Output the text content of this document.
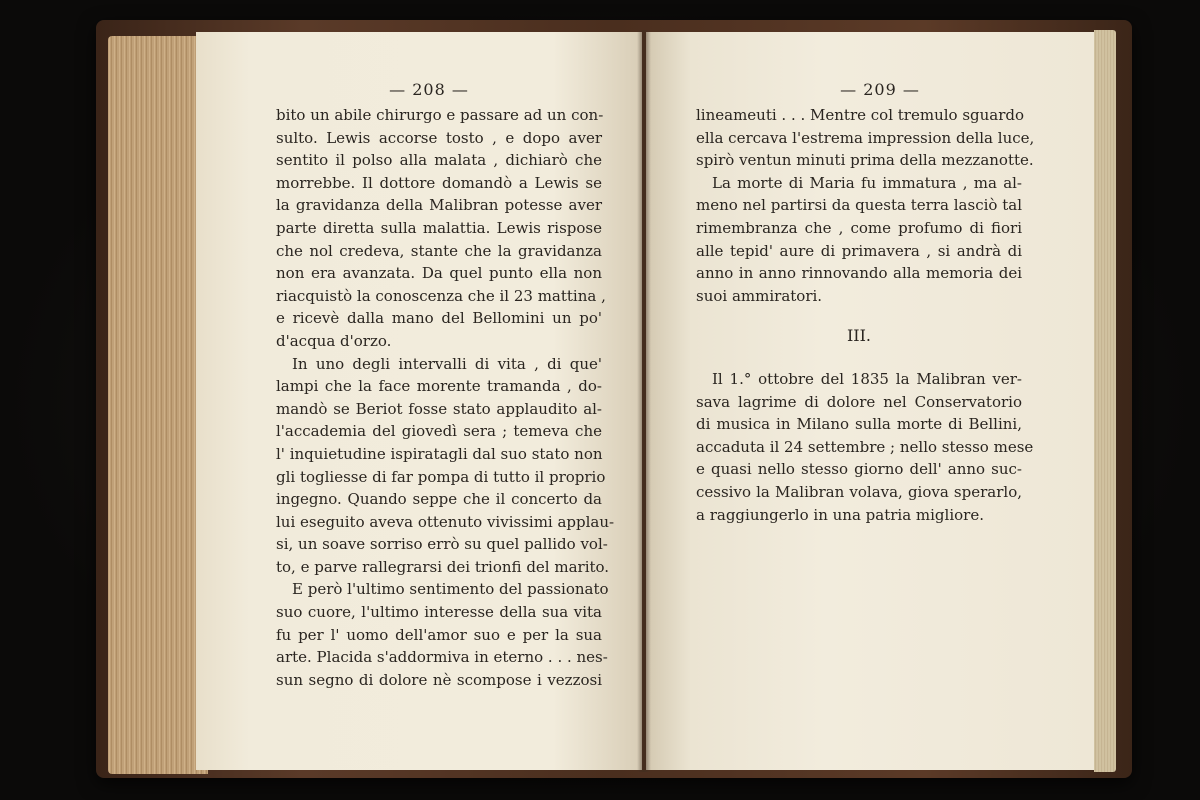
— 208 —
bito un abile chirurgo e passare ad un con-
sulto. Lewis accorse tosto , e dopo aver
sentito il polso alla malata , dichiarò che
morrebbe. Il dottore domandò a Lewis se
la gravidanza della Malibran potesse aver
parte diretta sulla malattia. Lewis rispose
che nol credeva, stante che la gravidanza
non era avanzata. Da quel punto ella non
riacquistò la conoscenza che il 23 mattina ,
e ricevè dalla mano del Bellomini un po'
d'acqua d'orzo.
In uno degli intervalli di vita , di que'
lampi che la face morente tramanda , do-
mandò se Beriot fosse stato applaudito al-
l'accademia del giovedì sera ; temeva che
l' inquietudine ispiratagli dal suo stato non
gli togliesse di far pompa di tutto il proprio
ingegno. Quando seppe che il concerto da
lui eseguito aveva ottenuto vivissimi applau-
si, un soave sorriso errò su quel pallido vol-
to, e parve rallegrarsi dei trionfi del marito.
E però l'ultimo sentimento del passionato
suo cuore, l'ultimo interesse della sua vita
fu per l' uomo dell'amor suo e per la sua
arte. Placida s'addormiva in eterno . . . nes-
sun segno di dolore nè scompose i vezzosi
— 209 —
lineameuti . . . Mentre col tremulo sguardo
ella cercava l'estrema impression della luce,
spirò ventun minuti prima della mezzanotte.
La morte di Maria fu immatura , ma al-
meno nel partirsi da questa terra lasciò tal
rimembranza che , come profumo di fiori
alle tepid' aure di primavera , si andrà di
anno in anno rinnovando alla memoria dei
suoi ammiratori.
III.
Il 1.° ottobre del 1835 la Malibran ver-
sava lagrime di dolore nel Conservatorio
di musica in Milano sulla morte di Bellini,
accaduta il 24 settembre ; nello stesso mese
e quasi nello stesso giorno dell' anno suc-
cessivo la Malibran volava, giova sperarlo,
a raggiungerlo in una patria migliore.
